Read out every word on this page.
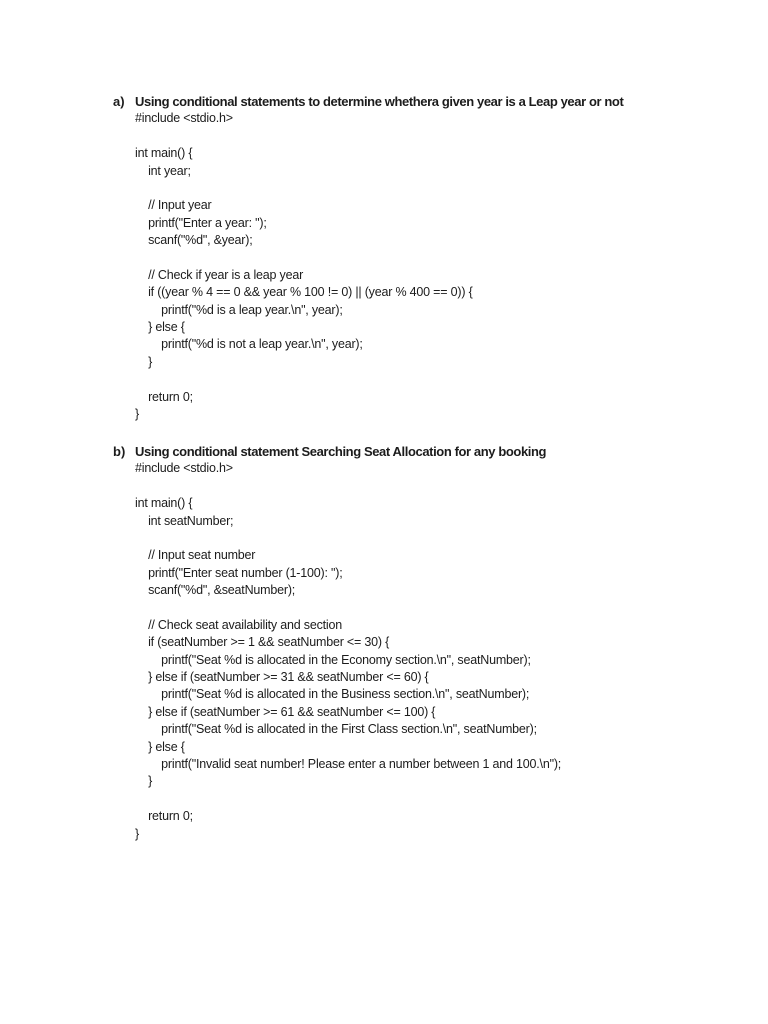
a) Using conditional statements to determine whethera given year is a Leap year or not
#include <stdio.h>
int main() {
int year;
// Input year
printf("Enter a year: ");
scanf("%d", &year);
// Check if year is a leap year
if ((year % 4 == 0 && year % 100 != 0) || (year % 400 == 0)) {
printf("%d is a leap year.\n", year);
} else {
printf("%d is not a leap year.\n", year);
}
return 0;
}
b) Using conditional statement Searching Seat Allocation for any booking
#include <stdio.h>
int main() {
int seatNumber;
// Input seat number
printf("Enter seat number (1-100): ");
scanf("%d", &seatNumber);
// Check seat availability and section
if (seatNumber >= 1 && seatNumber <= 30) {
printf("Seat %d is allocated in the Economy section.\n", seatNumber);
} else if (seatNumber >= 31 && seatNumber <= 60) {
printf("Seat %d is allocated in the Business section.\n", seatNumber);
} else if (seatNumber >= 61 && seatNumber <= 100) {
printf("Seat %d is allocated in the First Class section.\n", seatNumber);
} else {
printf("Invalid seat number! Please enter a number between 1 and 100.\n");
}
return 0;
}
